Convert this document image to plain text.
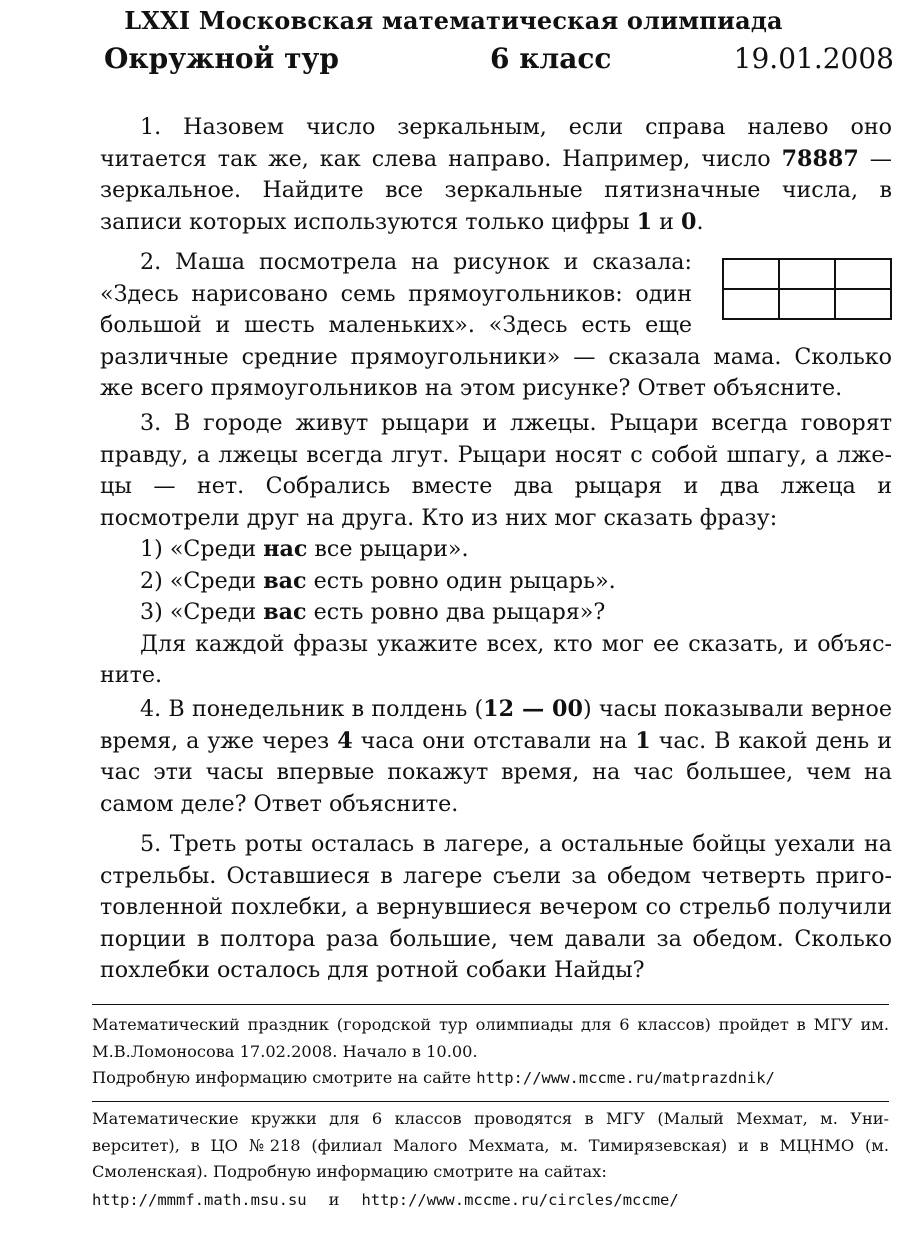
LXXI Московская математическая олимпиада
Окружной тур	6 класс	19.01.2008

1. Назовем число зеркальным, если справа налево оно читается так же, как слева направо. Например, число 78887 — зеркальное. Найдите все зеркальные пятизначные числа, в записи которых используются только цифры 1 и 0.

2. Маша посмотрела на рисунок и сказала: «Здесь нарисовано семь прямоугольников: один большой и шесть маленьких». «Здесь есть еще различные средние прямоугольники» — сказала мама. Сколько же всего прямоугольников на этом рисунке? Ответ объясните.

3. В городе живут рыцари и лжецы. Рыцари всегда говорят правду, а лжецы всегда лгут. Рыцари носят с собой шпагу, а лже-цы — нет. Собрались вместе два рыцаря и два лжеца и посмотрели друг на друга. Кто из них мог сказать фразу:

1) «Среди нас все рыцари».
2) «Среди вас есть ровно один рыцарь».
3) «Среди вас есть ровно два рыцаря»?

Для каждой фразы укажите всех, кто мог ее сказать, и объяс-ните.

4. В понедельник в полдень (12 — 00) часы показывали верное время, а уже через 4 часа они отставали на 1 час. В какой день и час эти часы впервые покажут время, на час большее, чем на самом деле? Ответ объясните.

5. Треть роты осталась в лагере, а остальные бойцы уехали на стрельбы. Оставшиеся в лагере съели за обедом четверть приго-товленной похлебки, а вернувшиеся вечером со стрельб получили порции в полтора раза большие, чем давали за обедом. Сколько похлебки осталось для ротной собаки Найды?

Математический праздник (городской тур олимпиады для 6 классов) пройдет в МГУ им. М.В.Ломоносова 17.02.2008. Начало в 10.00.

Подробную информацию смотрите на сайте http://www.mccme.ru/matprazdnik/

Математические кружки для 6 классов проводятся в МГУ (Малый Мехмат, м. Уни-верситет), в ЦО №218 (филиал Малого Мехмата, м. Тимирязевская) и в МЦНМО (м. Смоленская). Подробную информацию смотрите на сайтах:

http://mmmf.math.msu.su и http://www.mccme.ru/circles/mccme/
